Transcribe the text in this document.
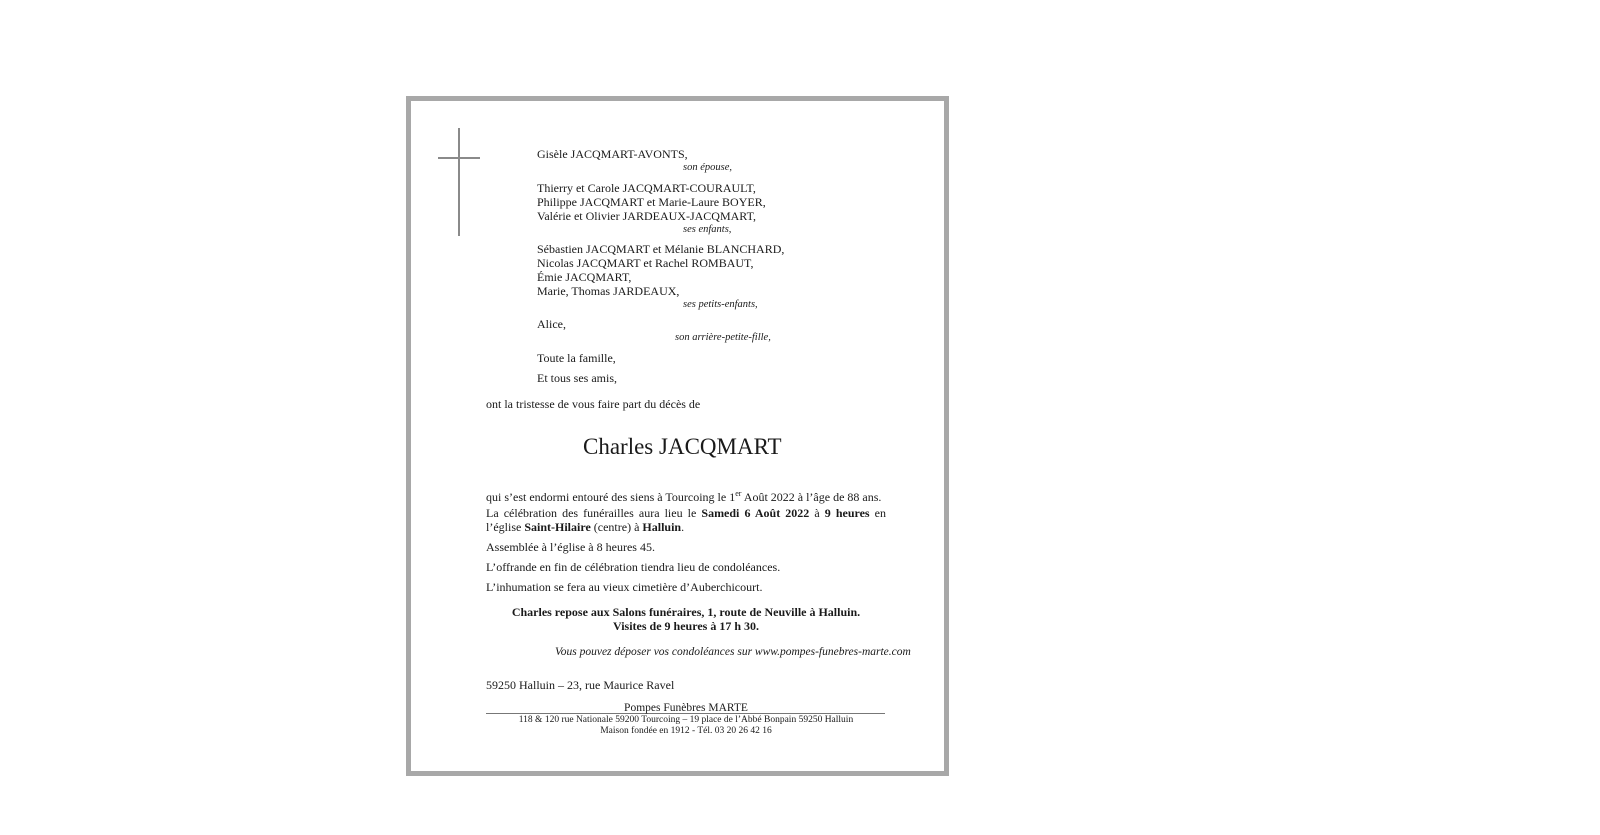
Gisèle JACQMART-AVONTS,
son épouse,
Thierry et Carole JACQMART-COURAULT,
Philippe JACQMART et Marie-Laure BOYER,
Valérie et Olivier JARDEAUX-JACQMART,
ses enfants,
Sébastien JACQMART et Mélanie BLANCHARD,
Nicolas JACQMART et Rachel ROMBAUT,
Émie JACQMART,
Marie, Thomas JARDEAUX,
ses petits-enfants,
Alice,
son arrière-petite-fille,
Toute la famille,
Et tous ses amis,
ont la tristesse de vous faire part du décès de
Charles JACQMART
qui s’est endormi entouré des siens à Tourcoing le 1er Août 2022 à l’âge de 88 ans.
La célébration des funérailles aura lieu le Samedi 6 Août 2022 à 9 heures en l’église Saint-Hilaire (centre) à Halluin.
Assemblée à l’église à 8 heures 45.
L’offrande en fin de célébration tiendra lieu de condoléances.
L’inhumation se fera au vieux cimetière d’Auberchicourt.
Charles repose aux Salons funéraires, 1, route de Neuville à Halluin.
Visites de 9 heures à 17 h 30.
Vous pouvez déposer vos condoléances sur www.pompes-funebres-marte.com
59250 Halluin – 23, rue Maurice Ravel
Pompes Funèbres MARTE
118 & 120 rue Nationale 59200 Tourcoing – 19 place de l’Abbé Bonpain 59250 Halluin
Maison fondée en 1912 - Tél. 03 20 26 42 16
